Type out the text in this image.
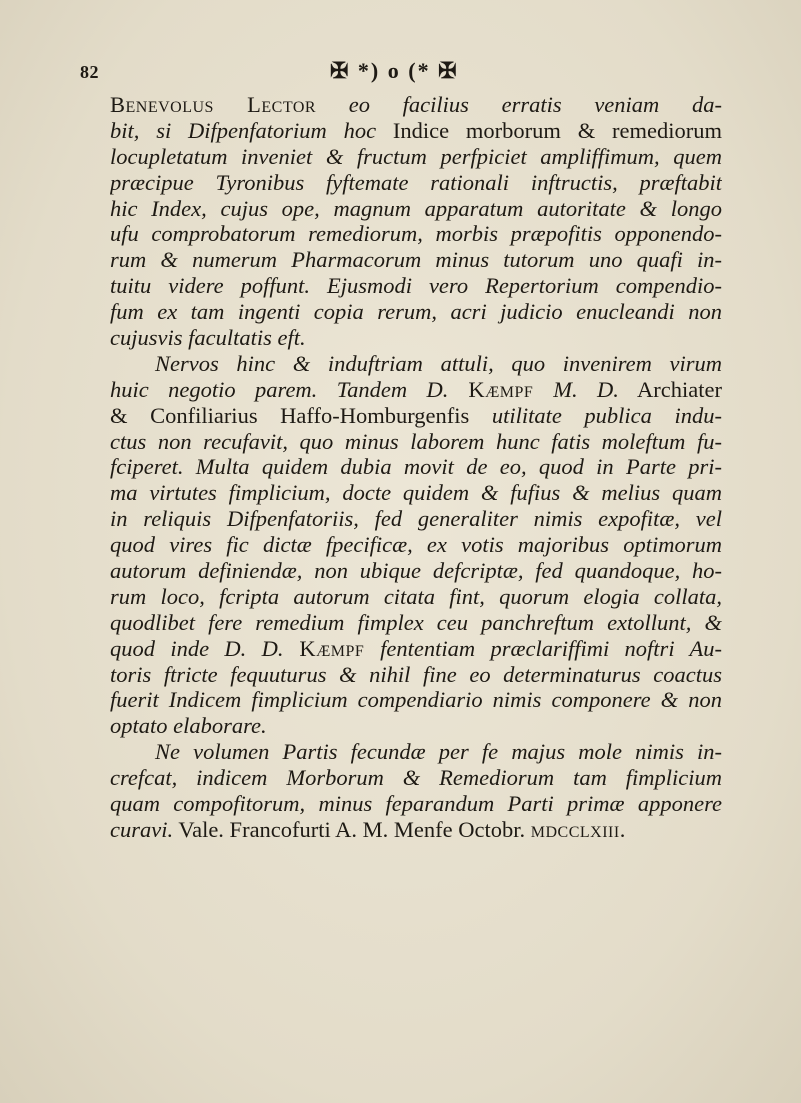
82	✠ *) o (* ✠
Benevolus Lector eo facilius erratis veniam da-
bit, si Difpenfatorium hoc Indice morborum & remediorum
locupletatum inveniet & fructum perfpiciet ampliffimum, quem
præcipue Tyronibus fyftemate rationali inftructis, præftabit
hic Index, cujus ope, magnum apparatum autoritate & longo
ufu comprobatorum remediorum, morbis præpofitis opponendo-
rum & numerum Pharmacorum minus tutorum uno quafi in-
tuitu videre poffunt. Ejusmodi vero Repertorium compendio-
fum ex tam ingenti copia rerum, acri judicio enucleandi non
cujusvis facultatis eft.
Nervos hinc & induftriam attuli, quo invenirem virum
huic negotio parem. Tandem D. Kæmpf M. D. Archiater
& Confiliarius Haffo-Homburgenfis utilitate publica indu-
ctus non recufavit, quo minus laborem hunc fatis moleftum fu-
fciperet. Multa quidem dubia movit de eo, quod in Parte pri-
ma virtutes fimplicium, docte quidem & fufius & melius quam
in reliquis Difpenfatoriis, fed generaliter nimis expofitæ, vel
quod vires fic dictæ fpecificæ, ex votis majoribus optimorum
autorum definiendæ, non ubique defcriptæ, fed quandoque, ho-
rum loco, fcripta autorum citata fint, quorum elogia collata,
quodlibet fere remedium fimplex ceu panchreftum extollunt, &
quod inde D. D. Kæmpf fententiam præclariffimi noftri Au-
toris ftricte fequuturus & nihil fine eo determinaturus coactus
fuerit Indicem fimplicium compendiario nimis componere & non
optato elaborare.
Ne volumen Partis fecundæ per fe majus mole nimis in-
crefcat, indicem Morborum & Remediorum tam fimplicium
quam compofitorum, minus feparandum Parti primæ apponere
curavi. Vale. Francofurti A. M. Menfe Octobr. mdcclxiii.
